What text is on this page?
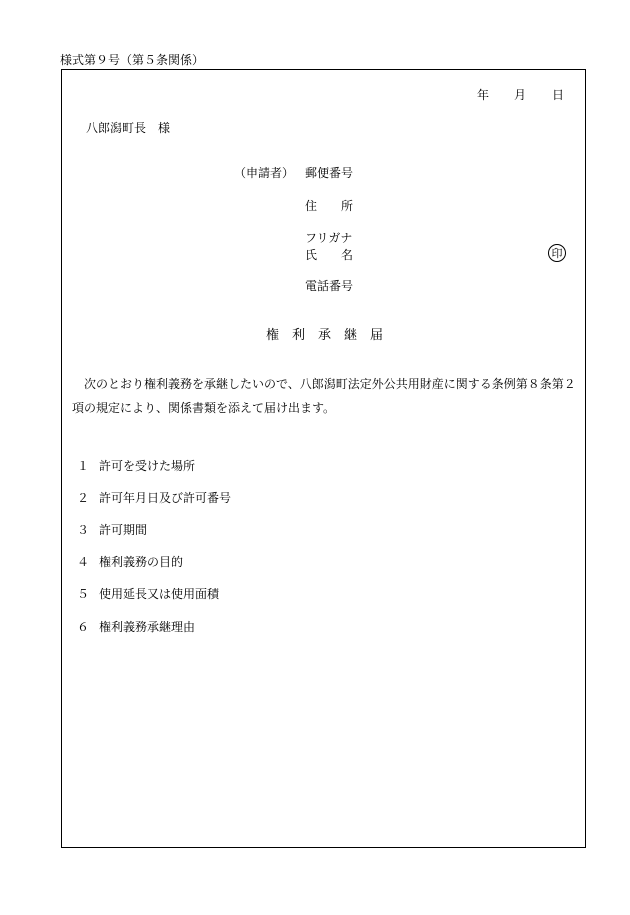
様式第９号（第５条関係）
年 月 日
八郎潟町長　様
（申請者） 郵便番号
住　　所
フリガナ
氏　　名	印
電話番号
権　利　承　継　届
　次のとおり権利義務を承継したいので、八郎潟町法定外公共用財産に関する条例第８条第２項の規定により、関係書類を添えて届け出ます。
１ 許可を受けた場所
２ 許可年月日及び許可番号
３ 許可期間
４ 権利義務の目的
５ 使用延長又は使用面積
６ 権利義務承継理由
